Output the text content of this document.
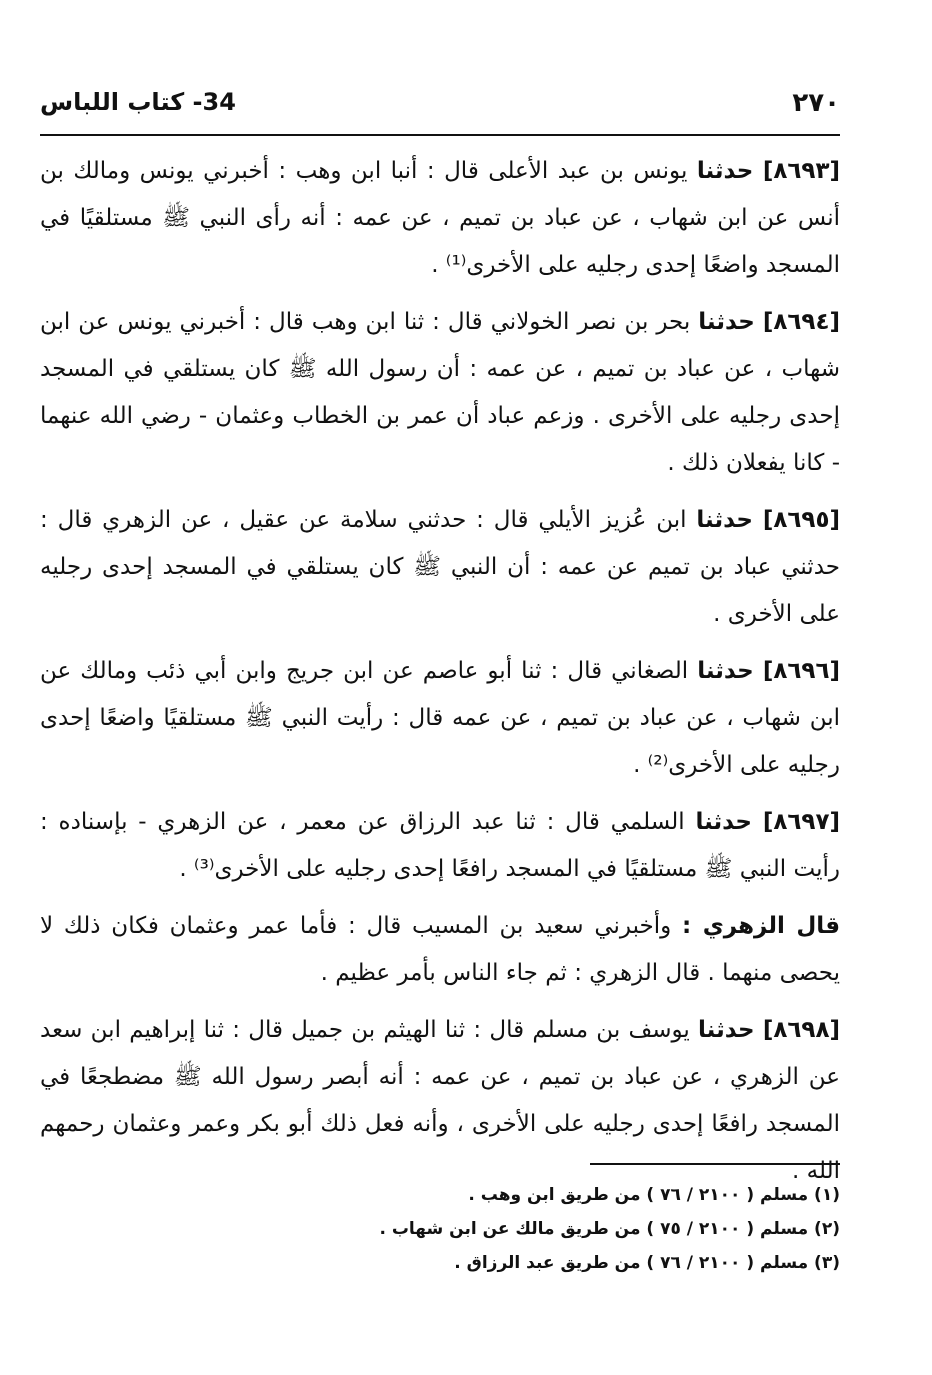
٢٧٠
34- كتاب اللباس

[٨٦٩٣] حدثنا يونس بن عبد الأعلى قال : أنبا ابن وهب : أخبرني يونس ومالك بن أنس عن ابن شهاب ، عن عباد بن تميم ، عن عمه : أنه رأى النبي ﷺ مستلقيًا في المسجد واضعًا إحدى رجليه على الأخرى⁽¹⁾ .

[٨٦٩٤] حدثنا بحر بن نصر الخولاني قال : ثنا ابن وهب قال : أخبرني يونس عن ابن شهاب ، عن عباد بن تميم ، عن عمه : أن رسول الله ﷺ كان يستلقي في المسجد إحدى رجليه على الأخرى . وزعم عباد أن عمر بن الخطاب وعثمان - رضي الله عنهما - كانا يفعلان ذلك .

[٨٦٩٥] حدثنا ابن عُزيز الأيلي قال : حدثني سلامة عن عقيل ، عن الزهري قال : حدثني عباد بن تميم عن عمه : أن النبي ﷺ كان يستلقي في المسجد إحدى رجليه على الأخرى .

[٨٦٩٦] حدثنا الصغاني قال : ثنا أبو عاصم عن ابن جريج وابن أبي ذئب ومالك عن ابن شهاب ، عن عباد بن تميم ، عن عمه قال : رأيت النبي ﷺ مستلقيًا واضعًا إحدى رجليه على الأخرى⁽²⁾ .

[٨٦٩٧] حدثنا السلمي قال : ثنا عبد الرزاق عن معمر ، عن الزهري - بإسناده : رأيت النبي ﷺ مستلقيًا في المسجد رافعًا إحدى رجليه على الأخرى⁽³⁾ .

قال الزهري : وأخبرني سعيد بن المسيب قال : فأما عمر وعثمان فكان ذلك لا يحصى منهما . قال الزهري : ثم جاء الناس بأمر عظيم .

[٨٦٩٨] حدثنا يوسف بن مسلم قال : ثنا الهيثم بن جميل قال : ثنا إبراهيم ابن سعد عن الزهري ، عن عباد بن تميم ، عن عمه : أنه أبصر رسول الله ﷺ مضطجعًا في المسجد رافعًا إحدى رجليه على الأخرى ، وأنه فعل ذلك أبو بكر وعمر وعثمان رحمهم الله .

(١) مسلم ( ٢١٠٠ / ٧٦ ) من طريق ابن وهب .
(٢) مسلم ( ٢١٠٠ / ٧٥ ) من طريق مالك عن ابن شهاب .
(٣) مسلم ( ٢١٠٠ / ٧٦ ) من طريق عبد الرزاق .
